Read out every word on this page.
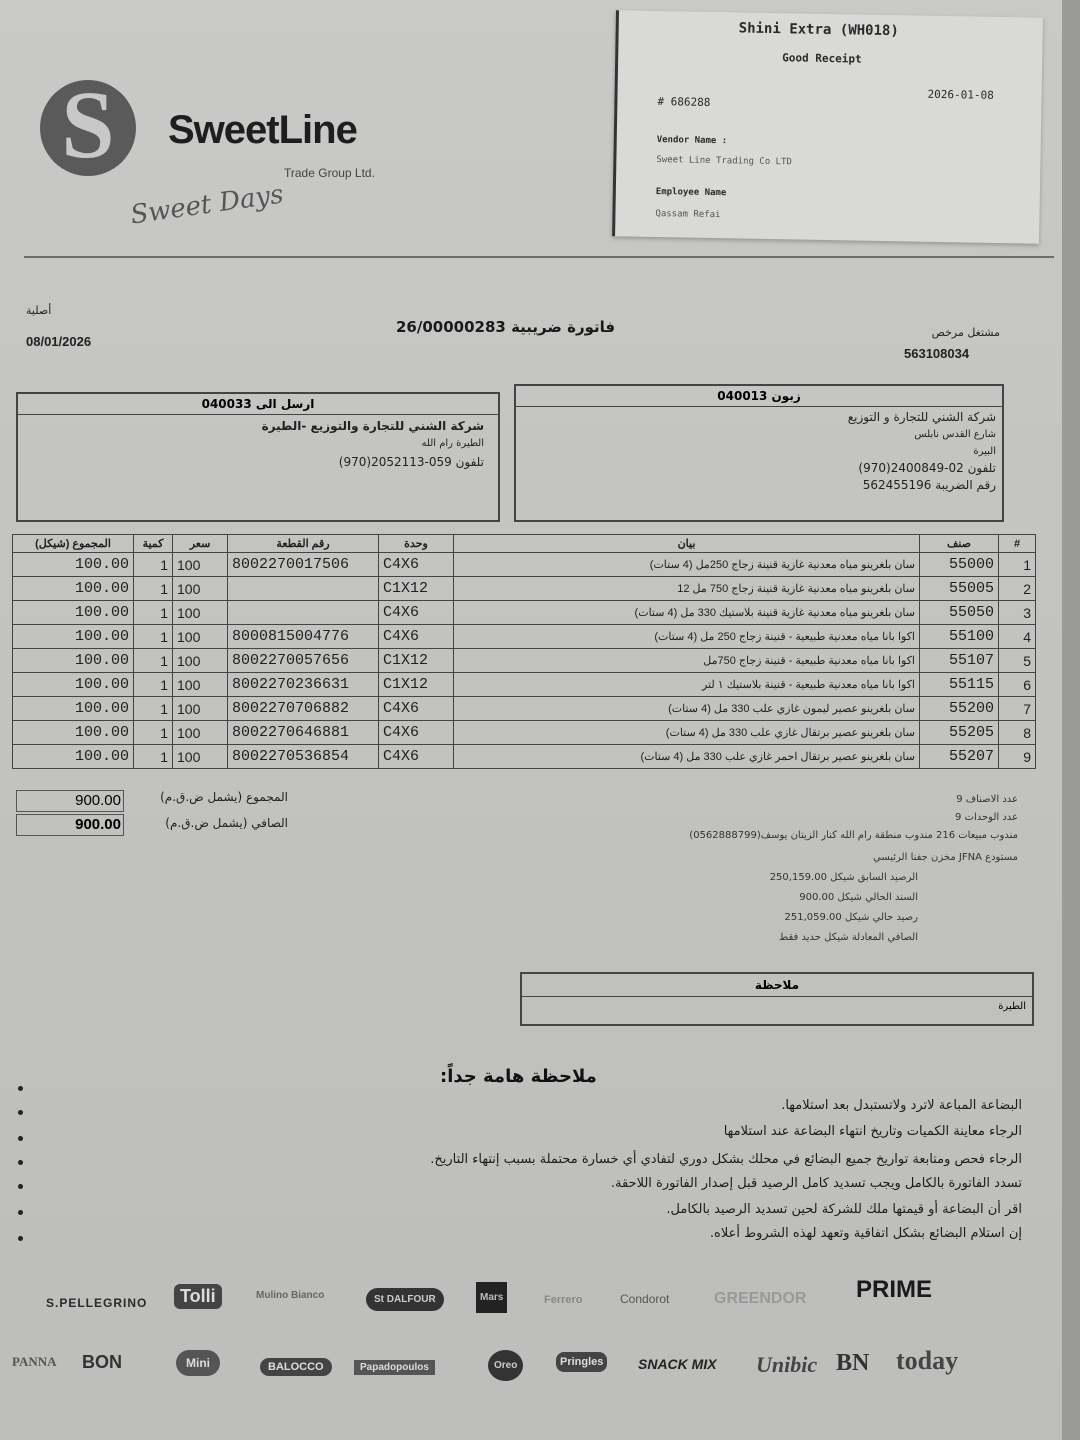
S	SweetLine
Trade Group Ltd.
Sweet Days
Shini Extra (WH018)
Good Receipt
# 686288
2026-01-08
Vendor Name :
Sweet Line Trading Co LTD
Employee Name
Qassam Refai
أصلية
08/01/2026
فاتورة ضريبية 26/00000283	مشتغل مرخص
563108034
ارسل الى 040033
شركة الشني للتجارة والتوزيع -الطيرة
الطيرة رام الله
تلفون 059-2052113(970)
زبون 040013
شركة الشني للتجارة و التوزيع
شارع القدس نابلس
البيرة
تلفون 02-2400849(970)
رقم الضريبة 562455196
المجموع (شيكل)	كمية	سعر	رقم القطعة	وحدة	بيان	صنف	#
100.00	1	100	8002270017506	C4X6	سان بلغرينو مياه معدنية غازية قنينة زجاج 250مل (4 ستات)	55000	1
100.00	1	100		C1X12	سان بلغرينو مياه معدنية غازية قنينة زجاج 750 مل 12	55005	2
100.00	1	100		C4X6	سان بلغرينو مياه معدنية غازية قنينة بلاستيك 330 مل (4 ستات)	55050	3
100.00	1	100	8000815004776	C4X6	اكوا بانا مياه معدنية طبيعية - قنينة زجاج 250 مل (4 ستات)	55100	4
100.00	1	100	8002270057656	C1X12	اكوا بانا مياه معدنية طبيعية - قنينة زجاج 750مل	55107	5
100.00	1	100	8002270236631	C1X12	اكوا بانا مياه معدنية طبيعية - قنينة بلاستيك ١ لتر	55115	6
100.00	1	100	8002270706882	C4X6	سان بلغرينو عصير ليمون غازي علب 330 مل (4 ستات)	55200	7
100.00	1	100	8002270646881	C4X6	سان بلغرينو عصير برتقال غازي علب 330 مل (4 ستات)	55205	8
100.00	1	100	8002270536854	C4X6	سان بلغرينو عصير برتقال احمر غازي علب 330 مل (4 ستات)	55207	9
900.00	المجموع (يشمل ض.ق.م)
900.00	الصافي (يشمل ض.ق.م)
عدد الاصناف 9
عدد الوحدات 9
مندوب مبيعات 216 مندوب منطقة رام الله كنار الزيتان يوسف(0562888799)
مستودع JFNA مخزن جفنا الرئيسي
الرصيد السابق شيكل 250,159.00
السند الحالي شيكل 900.00
رصيد حالي شيكل 251,059.00
الصافي المعادلة شيكل حديد فقط
ملاحظة
الطيرة
ملاحظة هامة جداً:
البضاعة المباعة لاترد ولاتستبدل بعد استلامها.
الرجاء معاينة الكميات وتاريخ انتهاء البضاعة عند استلامها
الرجاء فحص ومتابعة تواريخ جميع البضائع في محلك بشكل دوري لتفادي أي خسارة محتملة بسبب إنتهاء التاريخ.
تسدد الفاتورة بالكامل ويجب تسديد كامل الرصيد قبل إصدار الفاتورة اللاحقة.
اقر أن البضاعة أو قيمتها ملك للشركة لحين تسديد الرصيد بالكامل.
إن استلام البضائع بشكل اتفاقية وتعهد لهذه الشروط أعلاه.
S.PELLEGRINO	Tolli	Mulino Bianco	St DALFOUR	Mars	Ferrero	Condorot	GREENDOR PRIME
PANNA BON	Mini	BALOCCO	Papadopoulos	Oreo	Pringles SNACK MIX Unibic BN today
